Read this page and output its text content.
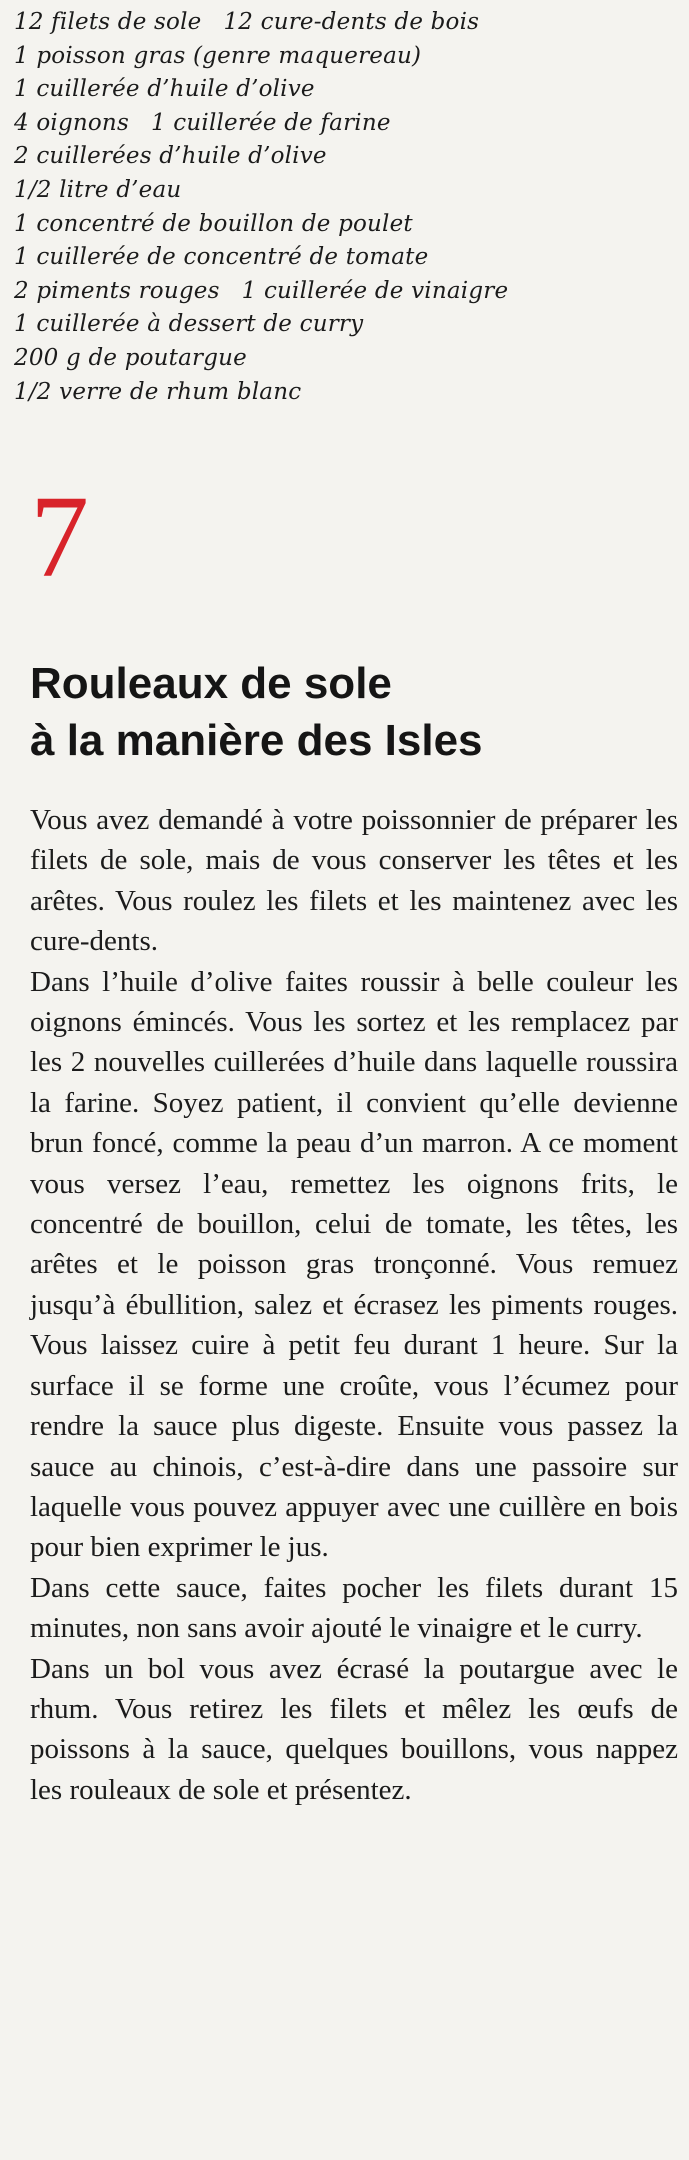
12 filets de sole 12 cure-dents de bois
1 poisson gras (genre maquereau)
1 cuillerée d’huile d’olive
4 oignons 1 cuillerée de farine
2 cuillerées d’huile d’olive
1/2 litre d’eau
1 concentré de bouillon de poulet
1 cuillerée de concentré de tomate
2 piments rouges 1 cuillerée de vinaigre
1 cuillerée à dessert de curry
200 g de poutargue
1/2 verre de rhum blanc
7
Rouleaux de sole
à la manière des Isles

Vous avez demandé à votre poissonnier de préparer les filets de sole, mais de vous conserver les têtes et les arêtes. Vous roulez les filets et les maintenez avec les cure-dents.

Dans l’huile d’olive faites roussir à belle couleur les oignons émincés. Vous les sortez et les remplacez par les 2 nouvelles cuillerées d’huile dans laquelle roussira la farine. Soyez patient, il convient qu’elle devienne brun foncé, comme la peau d’un marron. A ce moment vous versez l’eau, remettez les oignons frits, le concentré de bouillon, celui de tomate, les têtes, les arêtes et le poisson gras tronçonné. Vous remuez jusqu’à ébullition, salez et écrasez les piments rouges. Vous laissez cuire à petit feu durant 1 heure. Sur la surface il se forme une croûte, vous l’écumez pour rendre la sauce plus digeste. Ensuite vous passez la sauce au chinois, c’est-à-dire dans une passoire sur laquelle vous pouvez appuyer avec une cuillère en bois pour bien exprimer le jus.

Dans cette sauce, faites pocher les filets durant 15 minutes, non sans avoir ajouté le vinaigre et le curry.

Dans un bol vous avez écrasé la poutargue avec le rhum. Vous retirez les filets et mêlez les œufs de poissons à la sauce, quelques bouillons, vous nappez les rouleaux de sole et présentez.
